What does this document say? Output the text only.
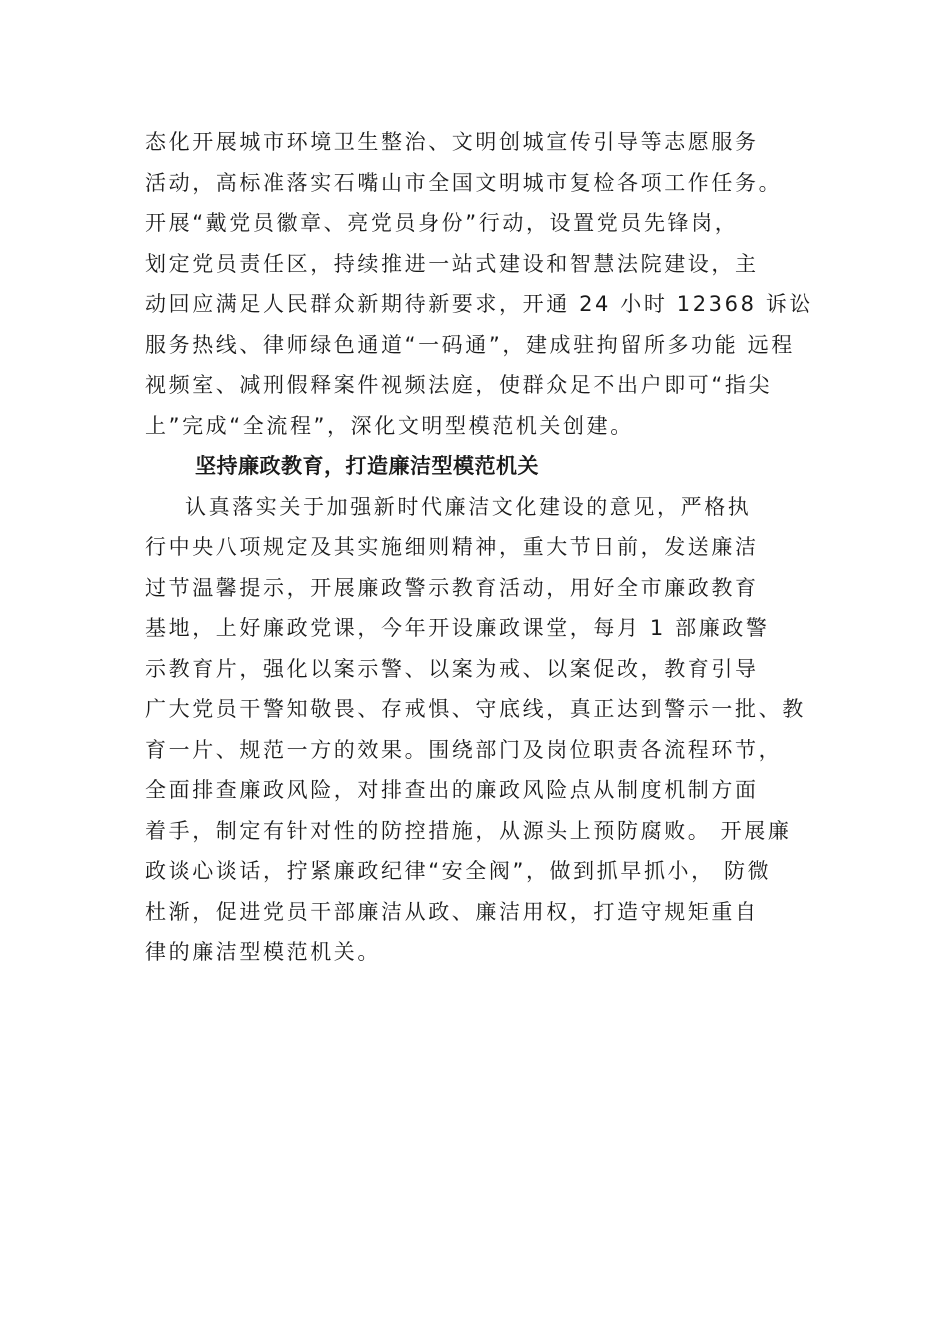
态化开展城市环境卫生整治、文明创城宣传引导等志愿服务
活动，高标准落实石嘴山市全国文明城市复检各项工作任务。
开展“戴党员徽章、亮党员身份”行动，设置党员先锋岗，
划定党员责任区，持续推进一站式建设和智慧法院建设，主
动回应满足人民群众新期待新要求，开通 24 小时 12368 诉讼
服务热线、律师绿色通道“一码通”，建成驻拘留所多功能 远程
视频室、减刑假释案件视频法庭，使群众足不出户即可“指尖
上”完成“全流程”，深化文明型模范机关创建。
坚持廉政教育，打造廉洁型模范机关
认真落实关于加强新时代廉洁文化建设的意见，严格执
行中央八项规定及其实施细则精神，重大节日前，发送廉洁
过节温馨提示，开展廉政警示教育活动，用好全市廉政教育
基地，上好廉政党课，今年开设廉政课堂，每月 1 部廉政警
示教育片，强化以案示警、以案为戒、以案促改，教育引导
广大党员干警知敬畏、存戒惧、守底线，真正达到警示一批、教
育一片、规范一方的效果。围绕部门及岗位职责各流程环节，
全面排查廉政风险，对排查出的廉政风险点从制度机制方面
着手，制定有针对性的防控措施，从源头上预防腐败。 开展廉
政谈心谈话，拧紧廉政纪律“安全阀”，做到抓早抓小， 防微
杜渐，促进党员干部廉洁从政、廉洁用权，打造守规矩重自
律的廉洁型模范机关。
